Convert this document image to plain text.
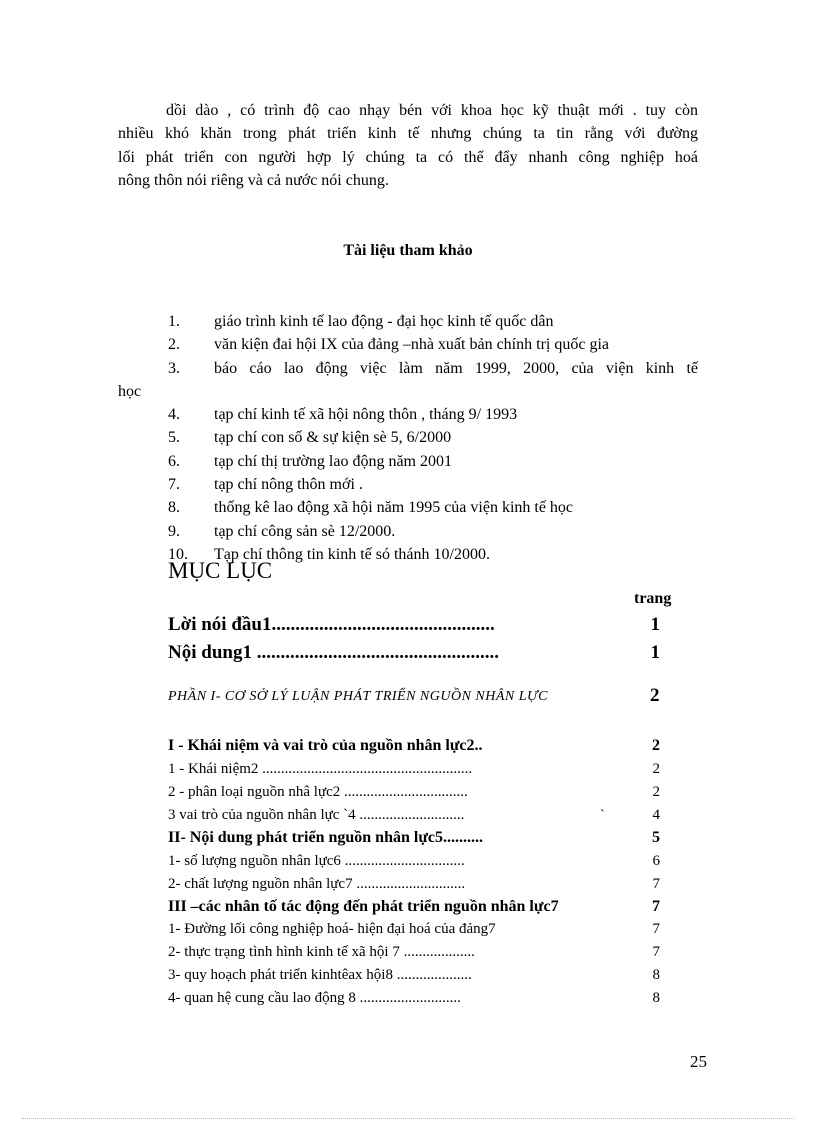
dồi dào , có trình độ cao nhạy bén với khoa học kỹ thuật mới . tuy còn
nhiều khó khăn trong phát triển kinh tế nhưng chúng ta tin rằng với đường
lối phát triển con người hợp lý chúng ta có thể đẩy nhanh công nghiệp hoá
nông thôn nói riêng và cả nước nói chung.
Tài liệu tham khảo
1. giáo trình kinh tế lao động - đại học kinh tế quốc dân
2. văn kiện đai hội IX của đảng –nhà xuất bản chính trị quốc gia
3. báo cáo lao động việc làm năm 1999, 2000, của viện kinh tế
học
4. tạp chí kinh tế xã hội nông thôn , tháng 9/ 1993
5. tạp chí con số & sự kiện sè 5, 6/2000
6. tạp chí thị trường lao động năm 2001
7. tạp chí nông thôn mới .
8. thống kê lao động xã hội năm 1995 của viện kinh tế học
9. tạp chí công sản sè 12/2000.
10. Tạp chí thông tin kinh tế só thánh 10/2000.
MỤC LỤC
trang
Lời nói đầu1...............................................	1
Nội dung1 ...................................................	1
PHẦN I- CƠ SỞ LÝ LUẬN PHÁT TRIỂN NGUỒN NHÂN LỰC	2
I - Khái niệm và vai trò của nguồn nhân lực2..	2
1 - Khái niệm2 ........................................................	2
2 - phân loại nguồn nhâ lực2 .................................	2
3 vai trò của nguồn nhân lực `4 ............................	4
II- Nội dung phát triển nguồn nhân lực5..........	5
1- số lượng nguồn nhân lực6 ................................	6
2- chất lượng nguồn nhân lực7 .............................	7
III –các nhân tố tác động đến phát triển nguồn nhân lực7	7
1- Đường lối công nghiệp hoá- hiện đại hoá của đảng7	7
2- thực trạng tình hình kinh tế xã hội 7 ...................	7
3- quy hoạch phát triển kinhtêax hội8 ....................	8
4- quan hệ cung cầu lao động 8 ...........................	8
`
25
